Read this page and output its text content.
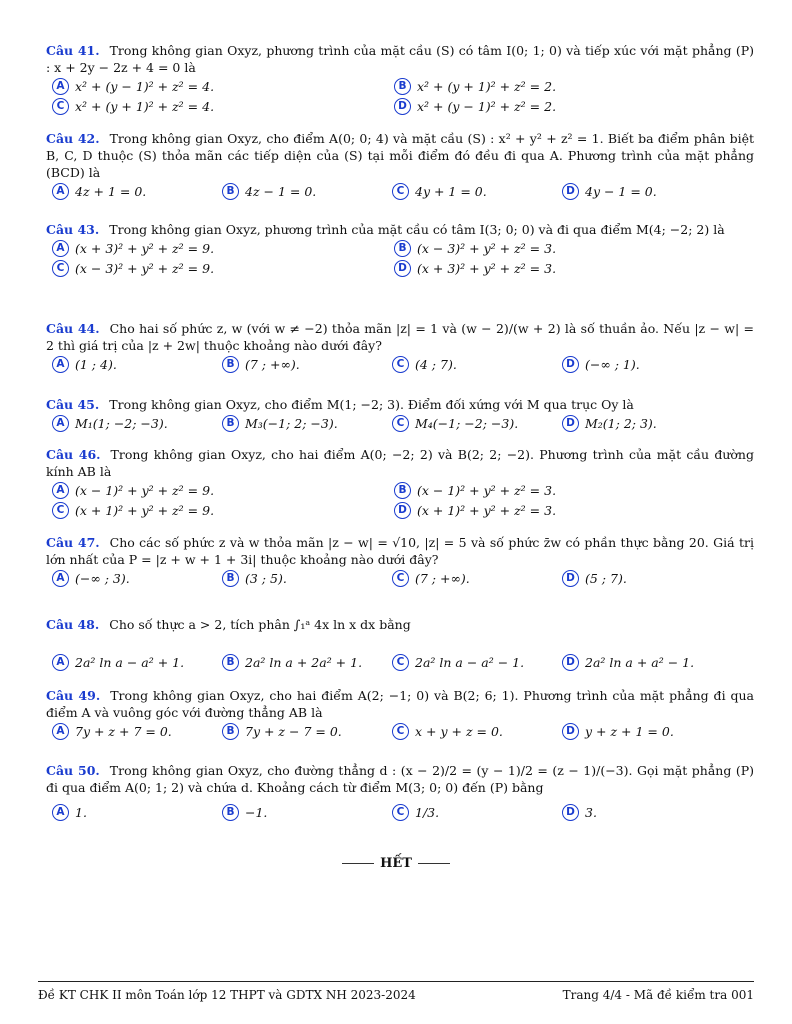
Câu 41. Trong không gian Oxyz, phương trình của mặt cầu (S) có tâm I(0; 1; 0) và tiếp xúc với mặt phẳng (P) : x + 2y − 2z + 4 = 0 là
A x² + (y − 1)² + z² = 4.	B x² + (y + 1)² + z² = 2.
C x² + (y + 1)² + z² = 4.	D x² + (y − 1)² + z² = 2.
Câu 42. Trong không gian Oxyz, cho điểm A(0; 0; 4) và mặt cầu (S) : x² + y² + z² = 1. Biết ba điểm phân biệt B, C, D thuộc (S) thỏa mãn các tiếp diện của (S) tại mỗi điểm đó đều đi qua A. Phương trình của mặt phẳng (BCD) là
A 4z + 1 = 0.	B 4z − 1 = 0.	C 4y + 1 = 0.	D 4y − 1 = 0.
Câu 43. Trong không gian Oxyz, phương trình của mặt cầu có tâm I(3; 0; 0) và đi qua điểm M(4; −2; 2) là
A (x + 3)² + y² + z² = 9.	B (x − 3)² + y² + z² = 3.
C (x − 3)² + y² + z² = 9.	D (x + 3)² + y² + z² = 3.
Câu 44. Cho hai số phức z, w (với w ≠ −2) thỏa mãn |z| = 1 và (w − 2)/(w + 2) là số thuần ảo. Nếu |z − w| = 2 thì giá trị của |z + 2w| thuộc khoảng nào dưới đây?
A (1 ; 4).	B (7 ; +∞).	C (4 ; 7).	D (−∞ ; 1).
Câu 45. Trong không gian Oxyz, cho điểm M(1; −2; 3). Điểm đối xứng với M qua trục Oy là
A M₁(1; −2; −3).	B M₃(−1; 2; −3).	C M₄(−1; −2; −3).	D M₂(1; 2; 3).
Câu 46. Trong không gian Oxyz, cho hai điểm A(0; −2; 2) và B(2; 2; −2). Phương trình của mặt cầu đường kính AB là
A (x − 1)² + y² + z² = 9.	B (x − 1)² + y² + z² = 3.
C (x + 1)² + y² + z² = 9.	D (x + 1)² + y² + z² = 3.
Câu 47. Cho các số phức z và w thỏa mãn |z − w| = √10, |z| = 5 và số phức z̄w có phần thực bằng 20. Giá trị lớn nhất của P = |z + w + 1 + 3i| thuộc khoảng nào dưới đây?
A (−∞ ; 3).	B (3 ; 5).	C (7 ; +∞).	D (5 ; 7).
Câu 48. Cho số thực a > 2, tích phân ∫₁ᵃ 4x ln x dx bằng
A 2a² ln a − a² + 1.	B 2a² ln a + 2a² + 1.	C 2a² ln a − a² − 1.	D 2a² ln a + a² − 1.
Câu 49. Trong không gian Oxyz, cho hai điểm A(2; −1; 0) và B(2; 6; 1). Phương trình của mặt phẳng đi qua điểm A và vuông góc với đường thẳng AB là
A 7y + z + 7 = 0.	B 7y + z − 7 = 0.	C x + y + z = 0.	D y + z + 1 = 0.
Câu 50. Trong không gian Oxyz, cho đường thẳng d : (x − 2)/2 = (y − 1)/2 = (z − 1)/(−3). Gọi mặt phẳng (P) đi qua điểm A(0; 1; 2) và chứa d. Khoảng cách từ điểm M(3; 0; 0) đến (P) bằng
A 1.	B −1.	C 1/3.	D 3.
HẾT
Đề KT CHK II môn Toán lớp 12 THPT và GDTX NH 2023-2024	Trang 4/4 - Mã đề kiểm tra 001
